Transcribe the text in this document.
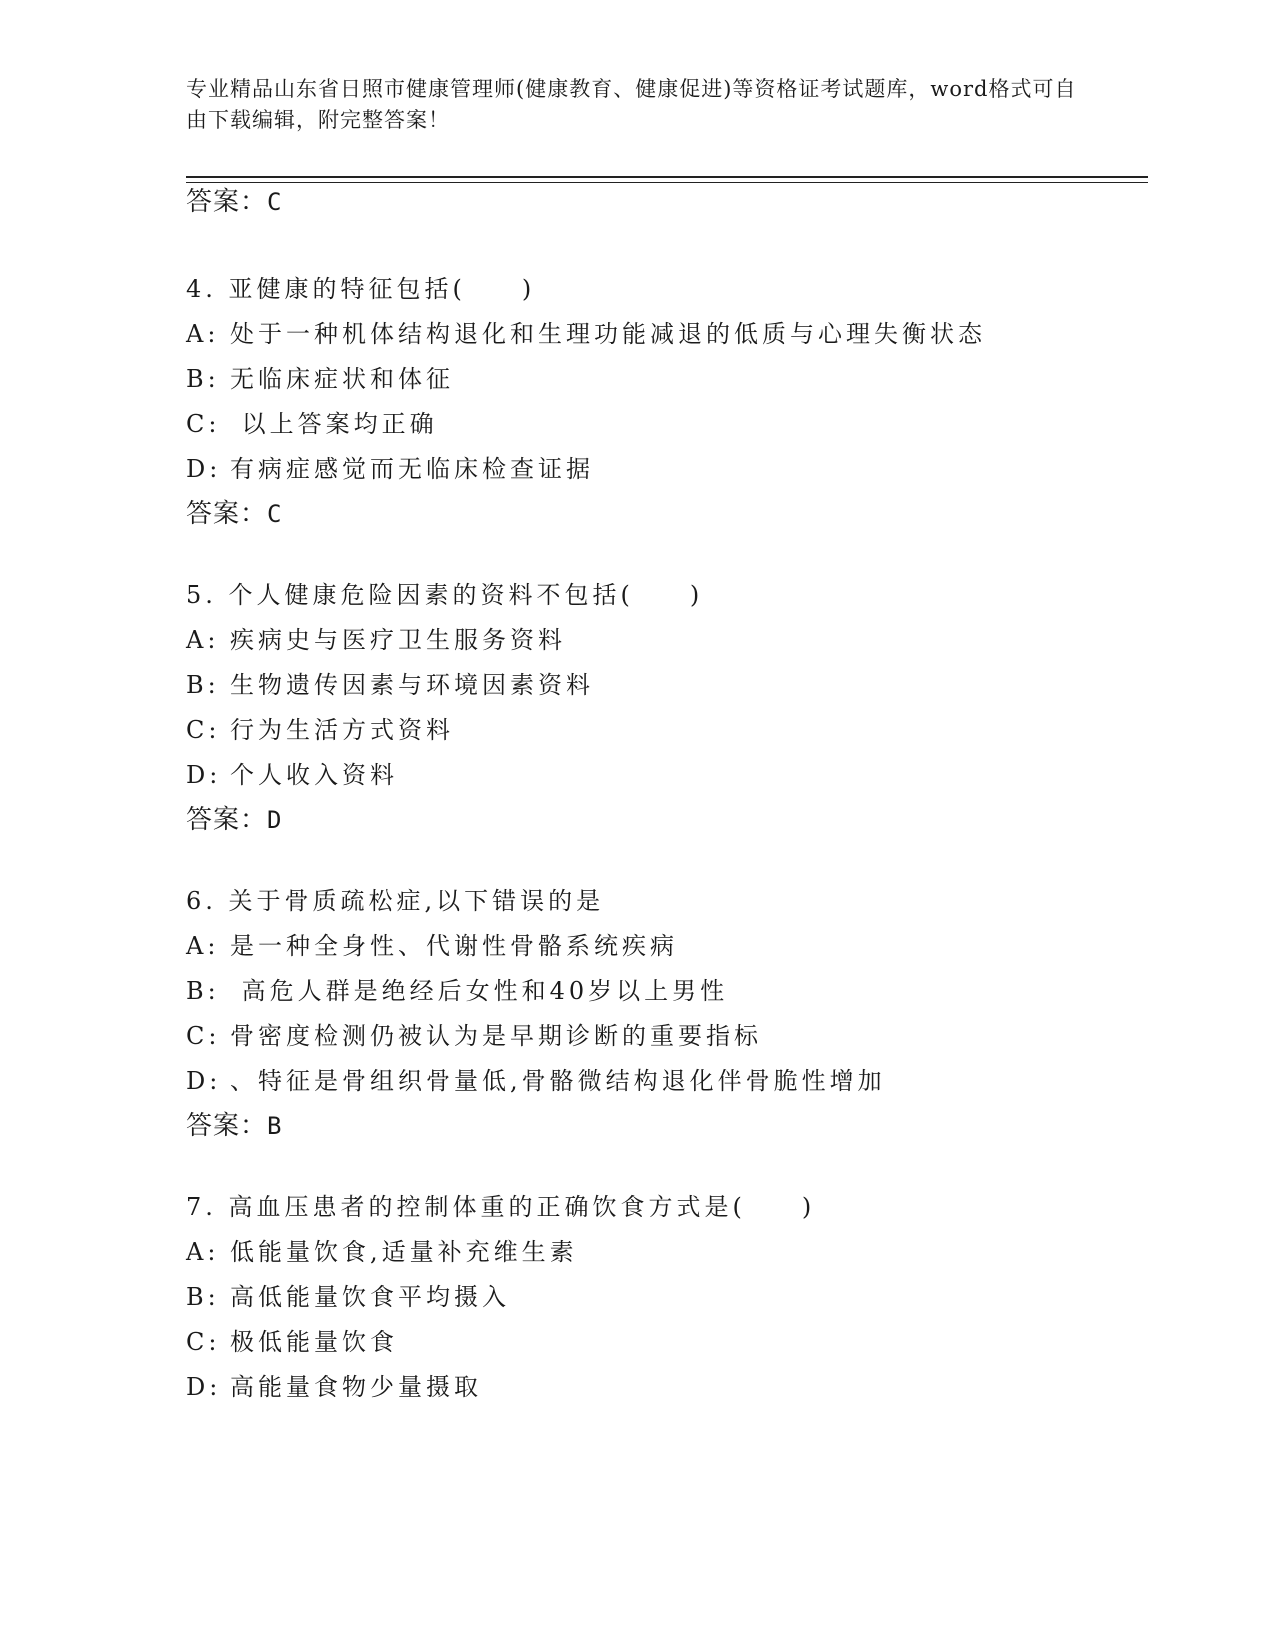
专业精品山东省日照市健康管理师(健康教育、健康促进)等资格证考试题库，word格式可自由下载编辑，附完整答案！

答案：C

4. 亚健康的特征包括(　　)

A: 处于一种机体结构退化和生理功能减退的低质与心理失衡状态

B: 无临床症状和体征

C: 以上答案均正确

D: 有病症感觉而无临床检查证据

答案：C

5. 个人健康危险因素的资料不包括(　　)

A: 疾病史与医疗卫生服务资料

B: 生物遗传因素与环境因素资料

C: 行为生活方式资料

D: 个人收入资料

答案：D

6. 关于骨质疏松症,以下错误的是

A: 是一种全身性、代谢性骨骼系统疾病

B: 高危人群是绝经后女性和40岁以上男性

C: 骨密度检测仍被认为是早期诊断的重要指标

D: 、特征是骨组织骨量低,骨骼微结构退化伴骨脆性增加

答案：B

7. 高血压患者的控制体重的正确饮食方式是(　　)

A: 低能量饮食,适量补充维生素

B: 高低能量饮食平均摄入

C: 极低能量饮食

D: 高能量食物少量摄取
